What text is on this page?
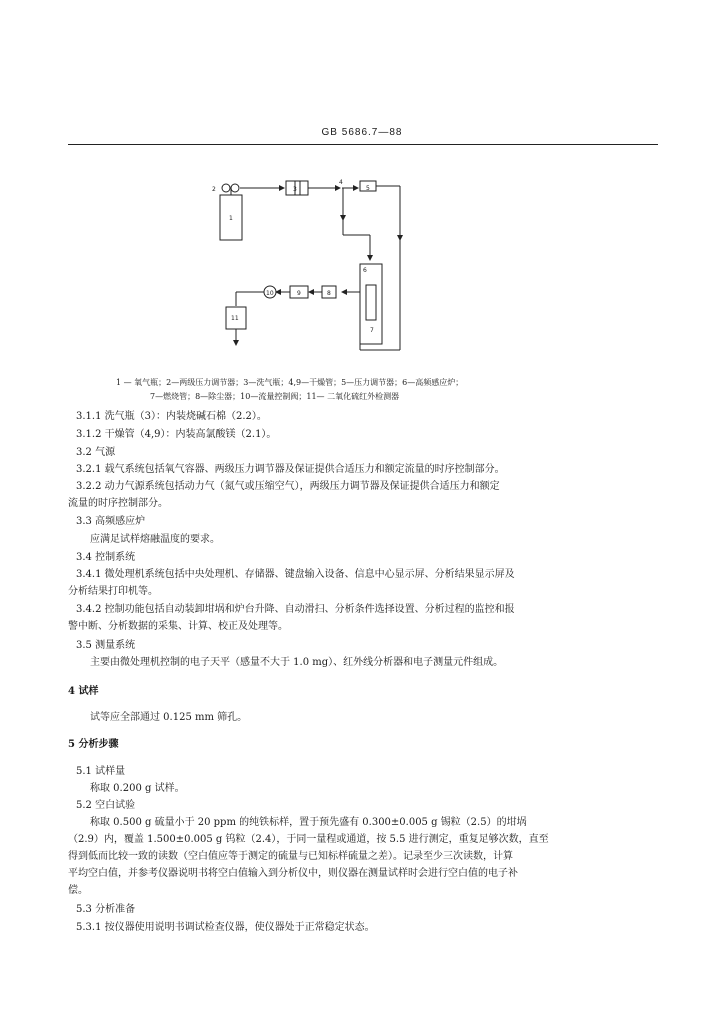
GB 5686.7—88
3
2
1
4
5
6
7
8
9
10
11
1 — 氧气瓶；2—两级压力调节器；3—洗气瓶；4,9—干燥管；5—压力调节器；6—高频感应炉；
7—燃烧管；8—除尘器；10—流量控制阀；11— 二氧化硫红外检测器
3.1.1 洗气瓶（3）：内装烧碱石棉（2.2）。
3.1.2 干燥管（4,9）：内装高氯酸镁（2.1）。
3.2 气源
3.2.1 载气系统包括氧气容器、两级压力调节器及保证提供合适压力和额定流量的时序控制部分。
3.2.2 动力气源系统包括动力气（氮气或压缩空气），两级压力调节器及保证提供合适压力和额定
流量的时序控制部分。
3.3 高频感应炉
应满足试样熔融温度的要求。
3.4 控制系统
3.4.1 微处理机系统包括中央处理机、存储器、键盘输入设备、信息中心显示屏、分析结果显示屏及
分析结果打印机等。
3.4.2 控制功能包括自动装卸坩埚和炉台升降、自动滑扫、分析条件选择设置、分析过程的监控和报
警中断、分析数据的采集、计算、校正及处理等。
3.5 测量系统
主要由微处理机控制的电子天平（感量不大于 1.0 mg）、红外线分析器和电子测量元件组成。
4 试样
试等应全部通过 0.125 mm 筛孔。
5 分析步骤
5.1 试样量
称取 0.200 g 试样。
5.2 空白试验
称取 0.500 g 硫量小于 20 ppm 的纯铁标样，置于预先盛有 0.300±0.005 g 锡粒（2.5）的坩埚
（2.9）内，覆盖 1.500±0.005 g 钨粒（2.4），于同一量程或通道，按 5.5 进行测定，重复足够次数，直至
得到低而比较一致的读数（空白值应等于测定的硫量与已知标样硫量之差）。记录至少三次读数，计算
平均空白值，并参考仪器说明书将空白值输入到分析仪中，则仪器在测量试样时会进行空白值的电子补
偿。
5.3 分析准备
5.3.1 按仪器使用说明书调试检查仪器，使仪器处于正常稳定状态。
